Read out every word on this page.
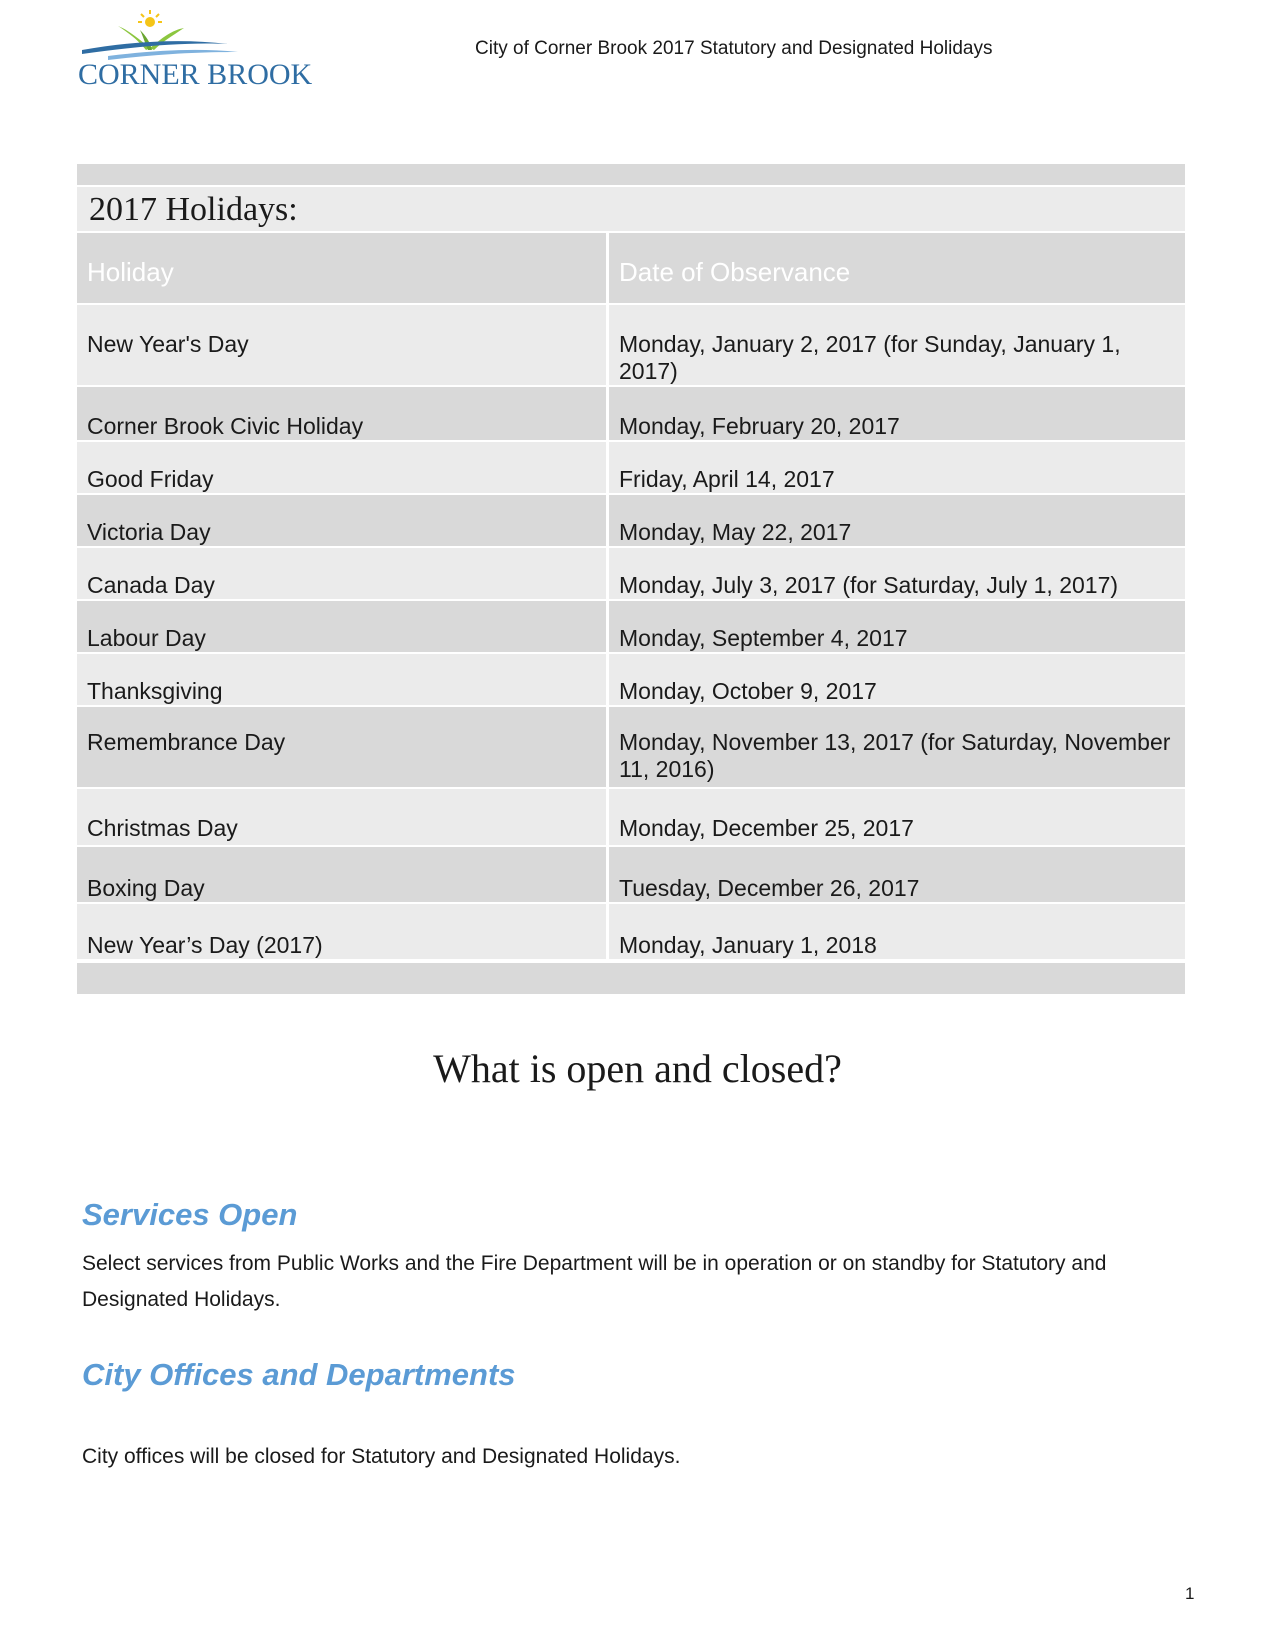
CORNER BROOK
City of Corner Brook 2017 Statutory and Designated Holidays
2017 Holidays:
Holiday	Date of Observance
New Year's Day	Monday, January 2, 2017 (for Sunday, January 1, 2017)
Corner Brook Civic Holiday	Monday, February 20, 2017
Good Friday	Friday, April 14, 2017
Victoria Day	Monday, May 22, 2017
Canada Day	Monday, July 3, 2017 (for Saturday, July 1, 2017)
Labour Day	Monday, September 4, 2017
Thanksgiving	Monday, October 9, 2017
Remembrance Day	Monday, November 13, 2017 (for Saturday, November 11, 2016)
Christmas Day	Monday, December 25, 2017
Boxing Day	Tuesday, December 26, 2017
New Year’s Day (2017)	Monday, January 1, 2018
What is open and closed?
Services Open
Select services from Public Works and the Fire Department will be in operation or on standby for Statutory and Designated Holidays.
City Offices and Departments
City offices will be closed for Statutory and Designated Holidays.
1
